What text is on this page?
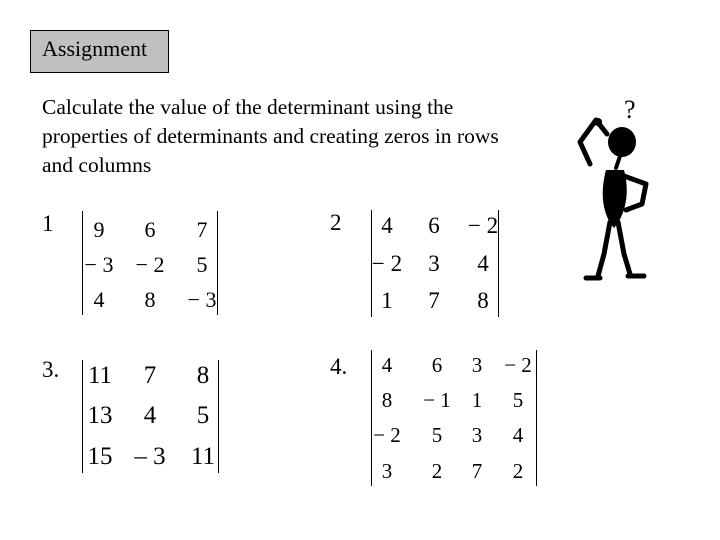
Assignment
Calculate the value of the determinant using the properties of determinants and creating zeros in rows and columns
1 9 6 7
− 3 − 2 5
4 8 − 3
2 4 6 − 2
− 2 3 4
1 7 8
3. 11 7 8
13 4 5
15 – 3 11
4. 4 6 3 − 2
8 − 1 1 5
− 2 5 3 4
3 2 7 2
?
